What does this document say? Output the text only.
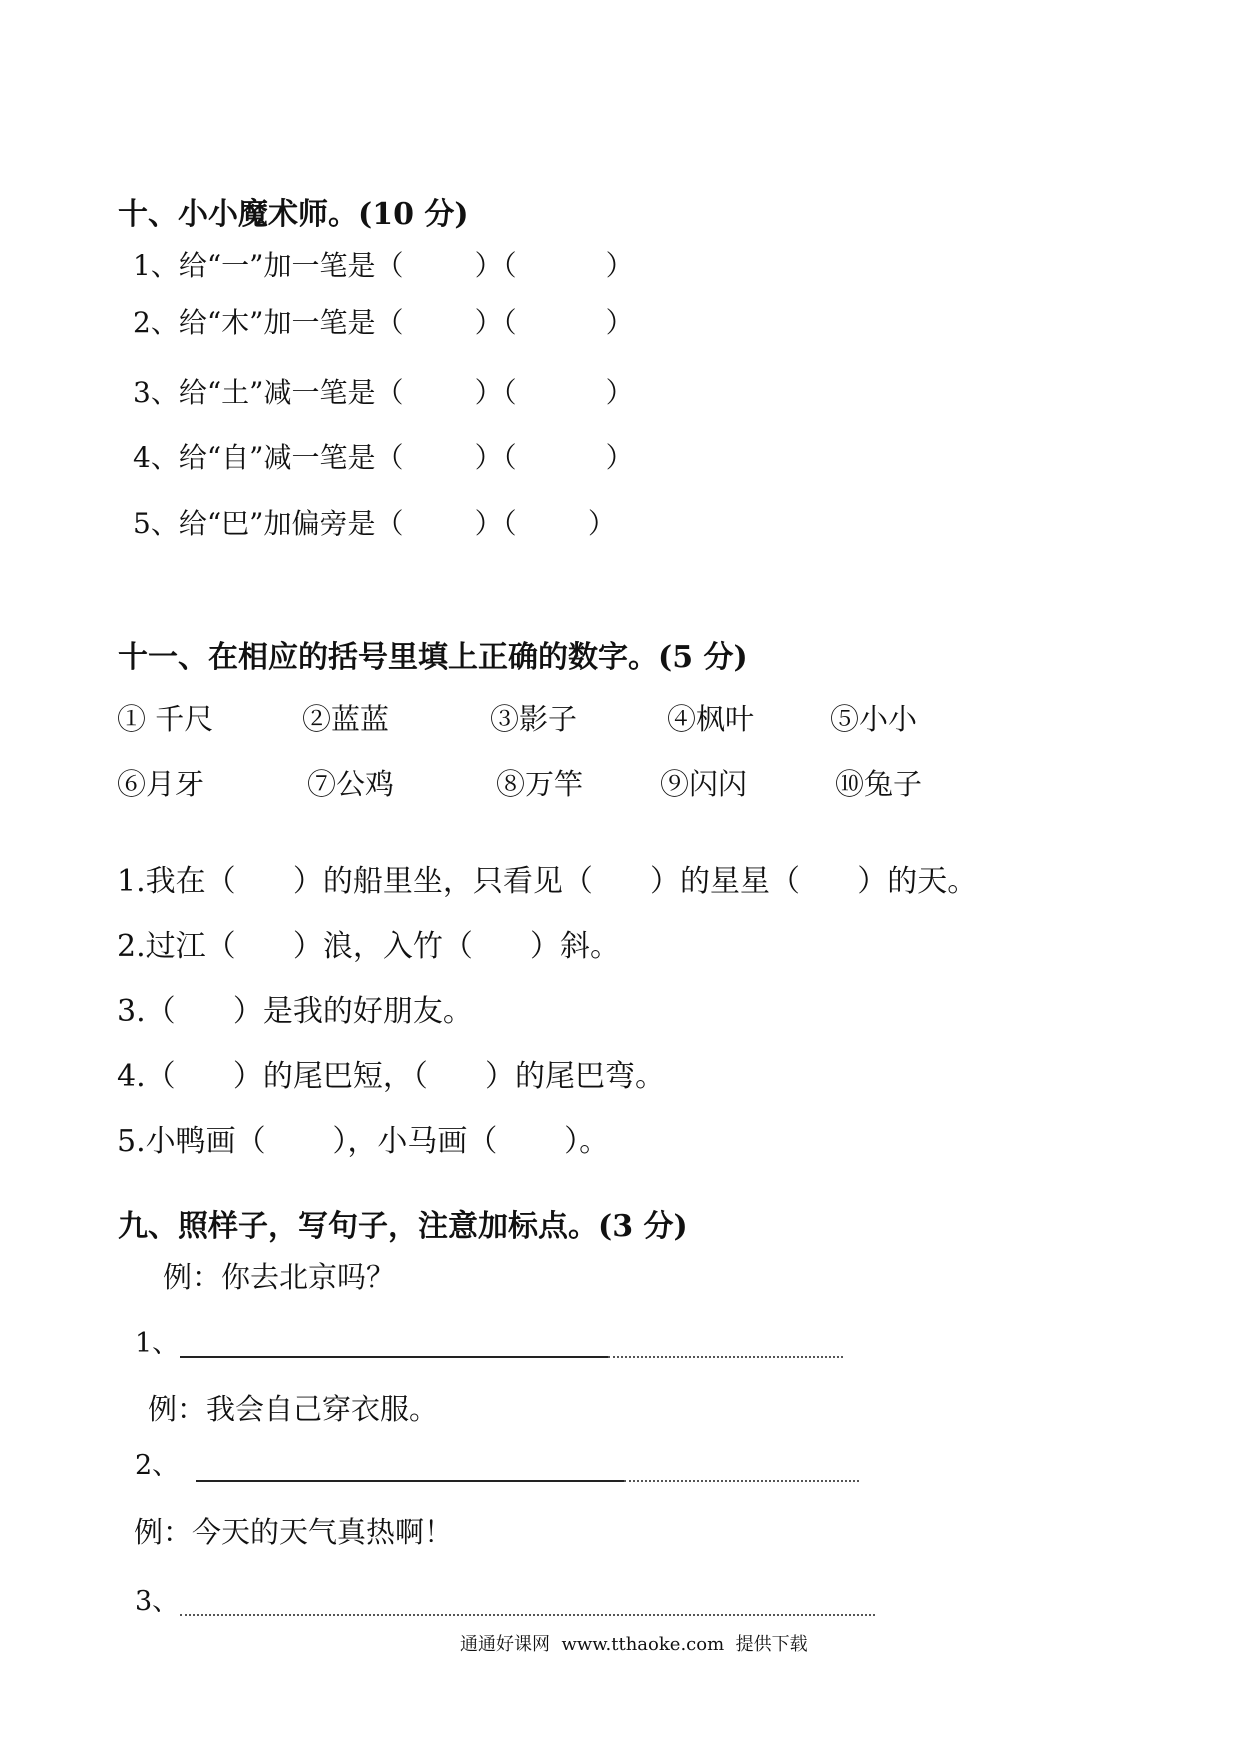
十、小小魔术师。(10 分)
1、给“一”加一笔是（        ）（          ）
2、给“木”加一笔是（        ）（          ）
3、给“土”减一笔是（        ）（          ）
4、给“自”减一笔是（        ）（          ）
5、给“巴”加偏旁是（        ）（        ）
十一、在相应的括号里填上正确的数字。(5 分)
① 千尺	②蓝蓝	③影子	④枫叶	⑤小小
⑥月牙	⑦公鸡	⑧万竿	⑨闪闪	⑩兔子
1.我在（      ）的船里坐，只看见（      ）的星星（      ）的天。
2.过江（      ）浪，入竹（      ）斜。
3.（      ）是我的好朋友。
4.（      ）的尾巴短，（      ）的尾巴弯。
5.小鸭画（       ），小马画（       ）。
九、照样子，写句子，注意加标点。(3 分)
例：你去北京吗？
1、
例：我会自己穿衣服。
2、
例：今天的天气真热啊！
3、
通通好课网  www.tthaoke.com  提供下载
